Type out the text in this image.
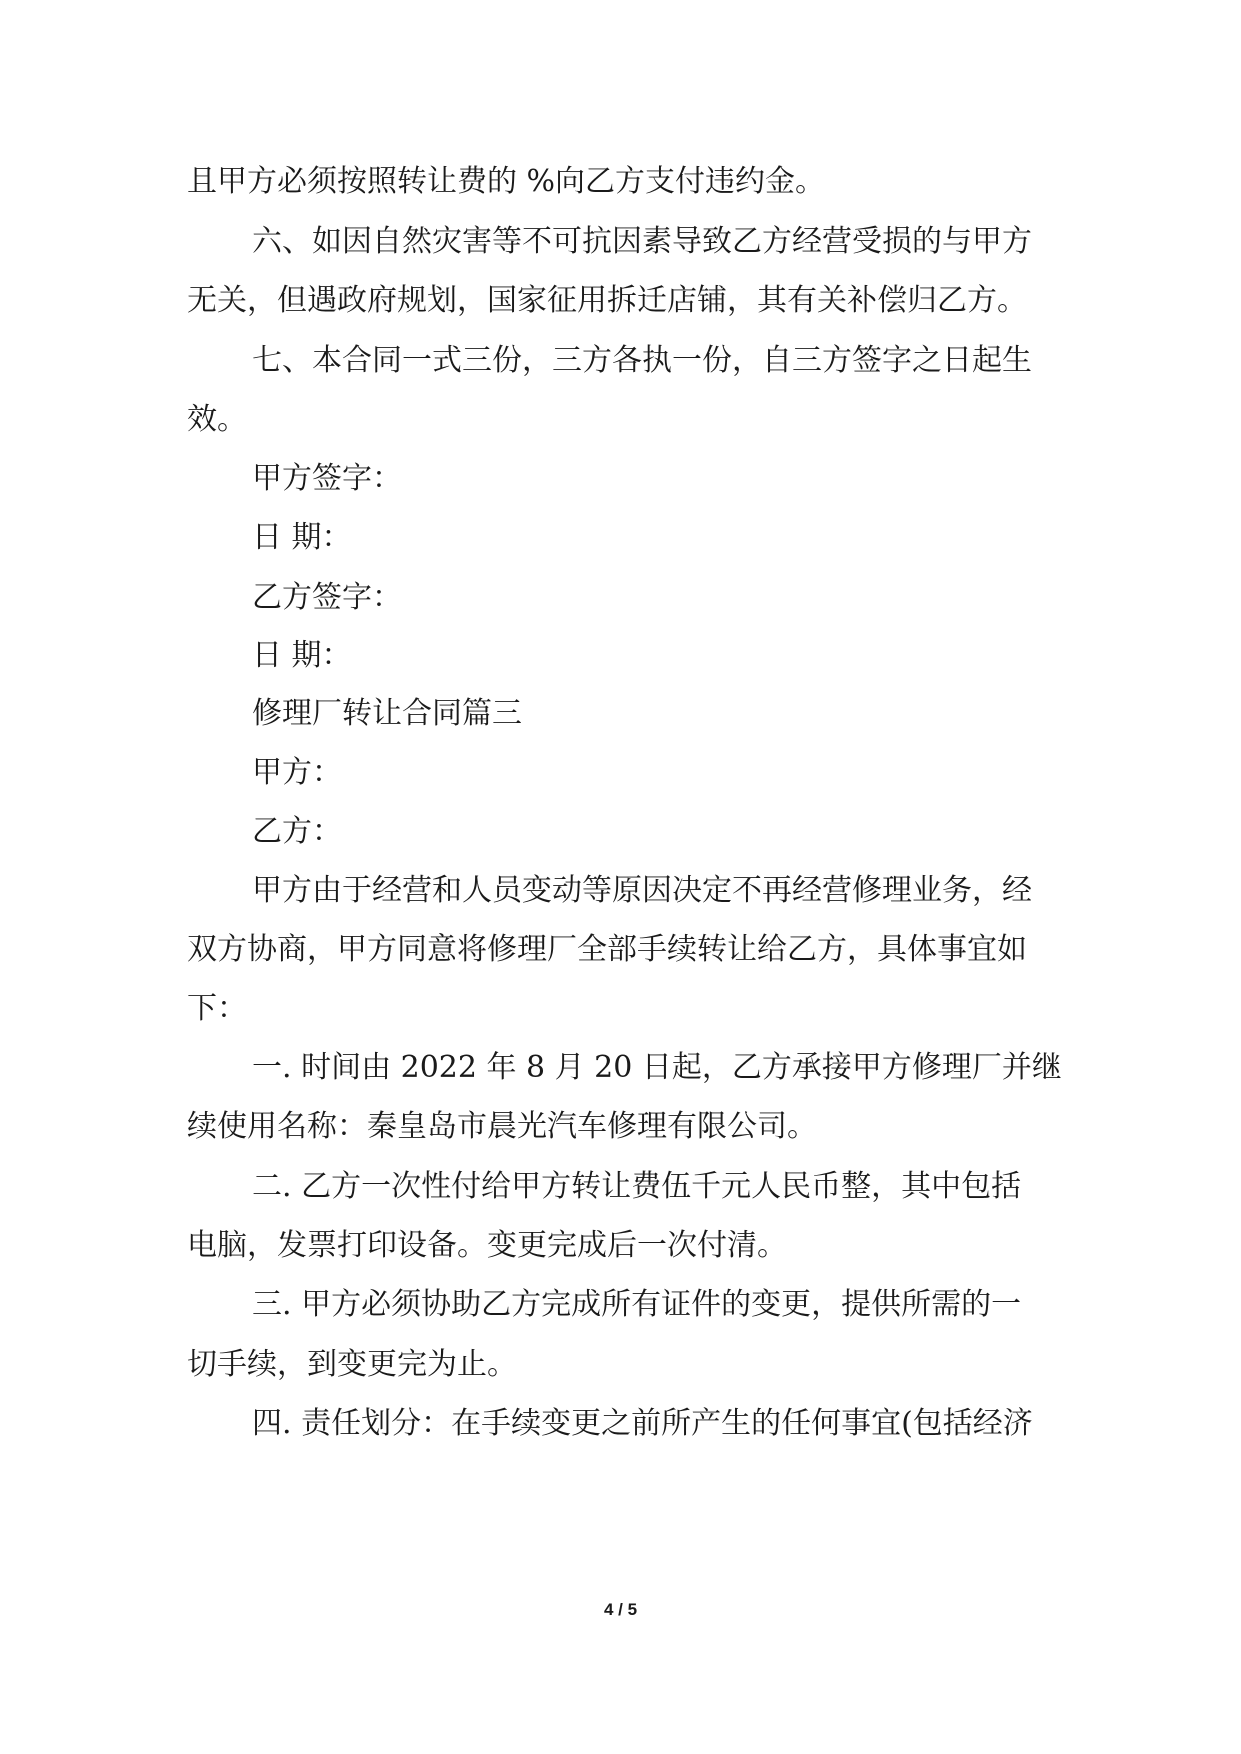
且甲方必须按照转让费的 %向乙方支付违约金。
六、如因自然灾害等不可抗因素导致乙方经营受损的与甲方
无关，但遇政府规划，国家征用拆迁店铺，其有关补偿归乙方。
七、本合同一式三份，三方各执一份，自三方签字之日起生
效。
甲方签字：
日 期：
乙方签字：
日 期：
修理厂转让合同篇三
甲方：
乙方：
甲方由于经营和人员变动等原因决定不再经营修理业务，经
双方协商，甲方同意将修理厂全部手续转让给乙方，具体事宜如
下：
一. 时间由 2022 年 8 月 20 日起，乙方承接甲方修理厂并继
续使用名称：秦皇岛市晨光汽车修理有限公司。
二. 乙方一次性付给甲方转让费伍千元人民币整，其中包括
电脑，发票打印设备。变更完成后一次付清。
三. 甲方必须协助乙方完成所有证件的变更，提供所需的一
切手续，到变更完为止。
四. 责任划分：在手续变更之前所产生的任何事宜(包括经济
4 / 5
